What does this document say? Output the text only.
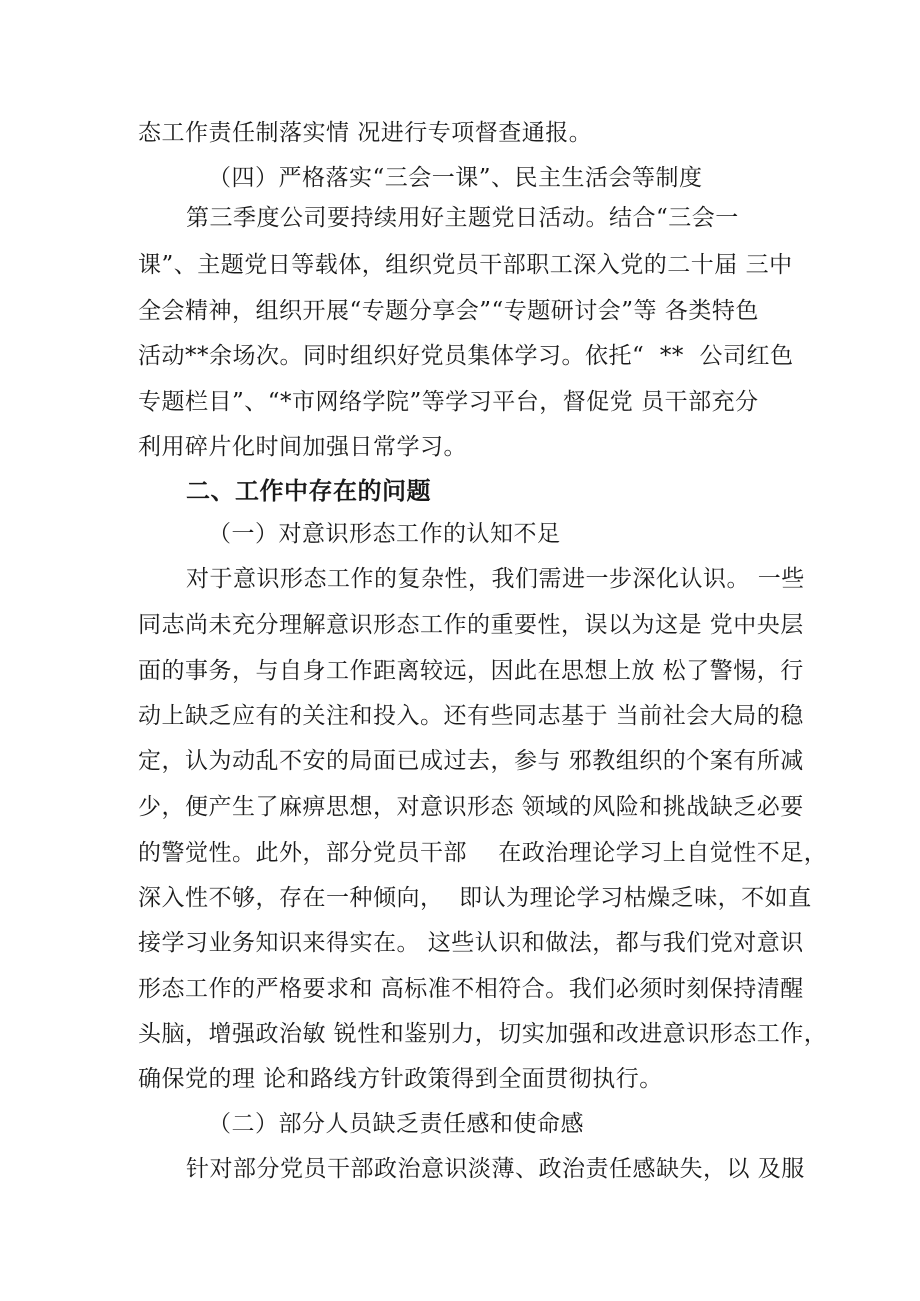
态工作责任制落实情 况进行专项督查通报。
（四）严格落实“三会一课”、民主生活会等制度
第三季度公司要持续用好主题党日活动。结合“三会一
课”、主题党日等载体，组织党员干部职工深入党的二十届 三中
全会精神，组织开展“专题分享会”“专题研讨会”等 各类特色
活动**余场次。同时组织好党员集体学习。依托“  **  公司红色
专题栏目”、“*市网络学院”等学习平台，督促党 员干部充分
利用碎片化时间加强日常学习。
二、工作中存在的问题
（一）对意识形态工作的认知不足
对于意识形态工作的复杂性，我们需进一步深化认识。 一些
同志尚未充分理解意识形态工作的重要性，误以为这是 党中央层
面的事务，与自身工作距离较远，因此在思想上放 松了警惕，行
动上缺乏应有的关注和投入。还有些同志基于 当前社会大局的稳
定，认为动乱不安的局面已成过去，参与 邪教组织的个案有所减
少，便产生了麻痹思想，对意识形态 领域的风险和挑战缺乏必要
的警觉性。此外，部分党员干部    在政治理论学习上自觉性不足，
深入性不够，存在一种倾向，  即认为理论学习枯燥乏味，不如直
接学习业务知识来得实在。 这些认识和做法，都与我们党对意识
形态工作的严格要求和 高标准不相符合。我们必须时刻保持清醒
头脑，增强政治敏 锐性和鉴别力，切实加强和改进意识形态工作，
确保党的理 论和路线方针政策得到全面贯彻执行。
（二）部分人员缺乏责任感和使命感
针对部分党员干部政治意识淡薄、政治责任感缺失，以 及服
